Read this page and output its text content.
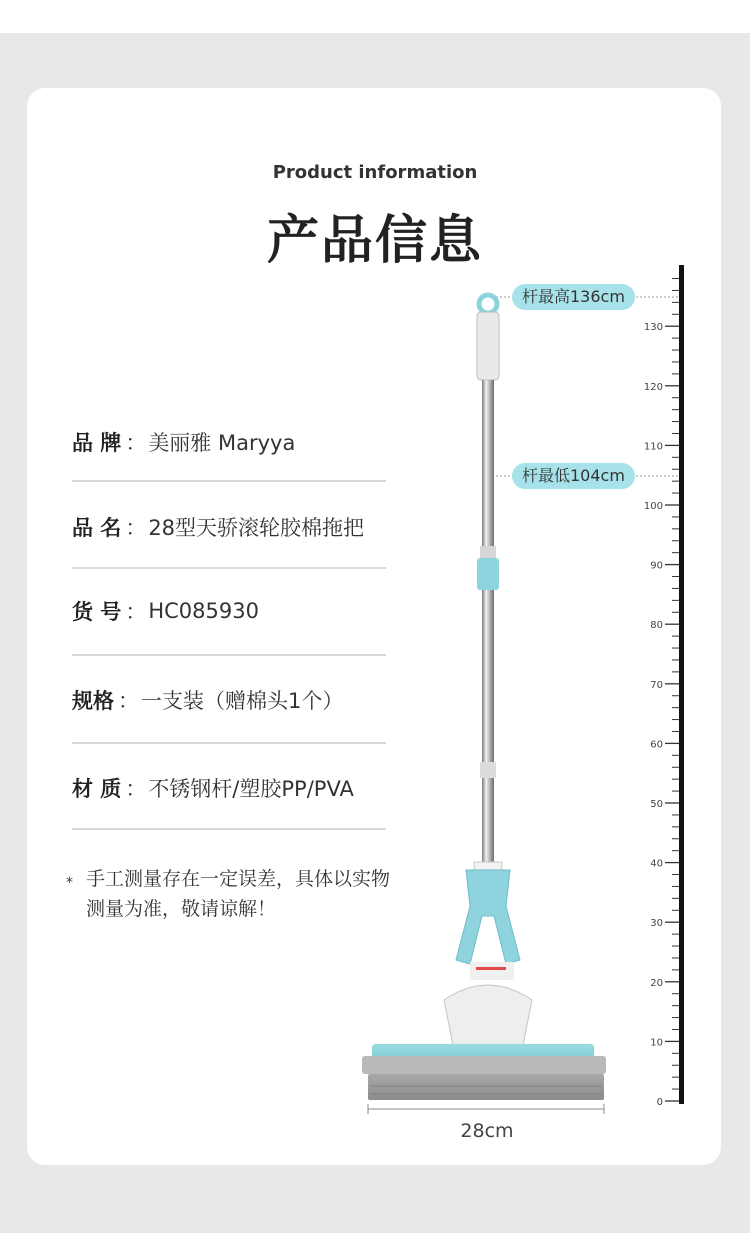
Product information
产品信息
品 牌 ： 美丽雅 Maryya
品 名 ： 28型天骄滚轮胶棉拖把
货 号 ： HC085930
规格 ： 一支装（赠棉头1个）
材 质 ： 不锈钢杆/塑胶PP/PVA
* 手工测量存在一定误差，具体以实物
测量为准，敬请谅解！
130
120
110
100
90
80
70
60
50
40
30
20
10
0
杆最高136cm
杆最低104cm
28cm
